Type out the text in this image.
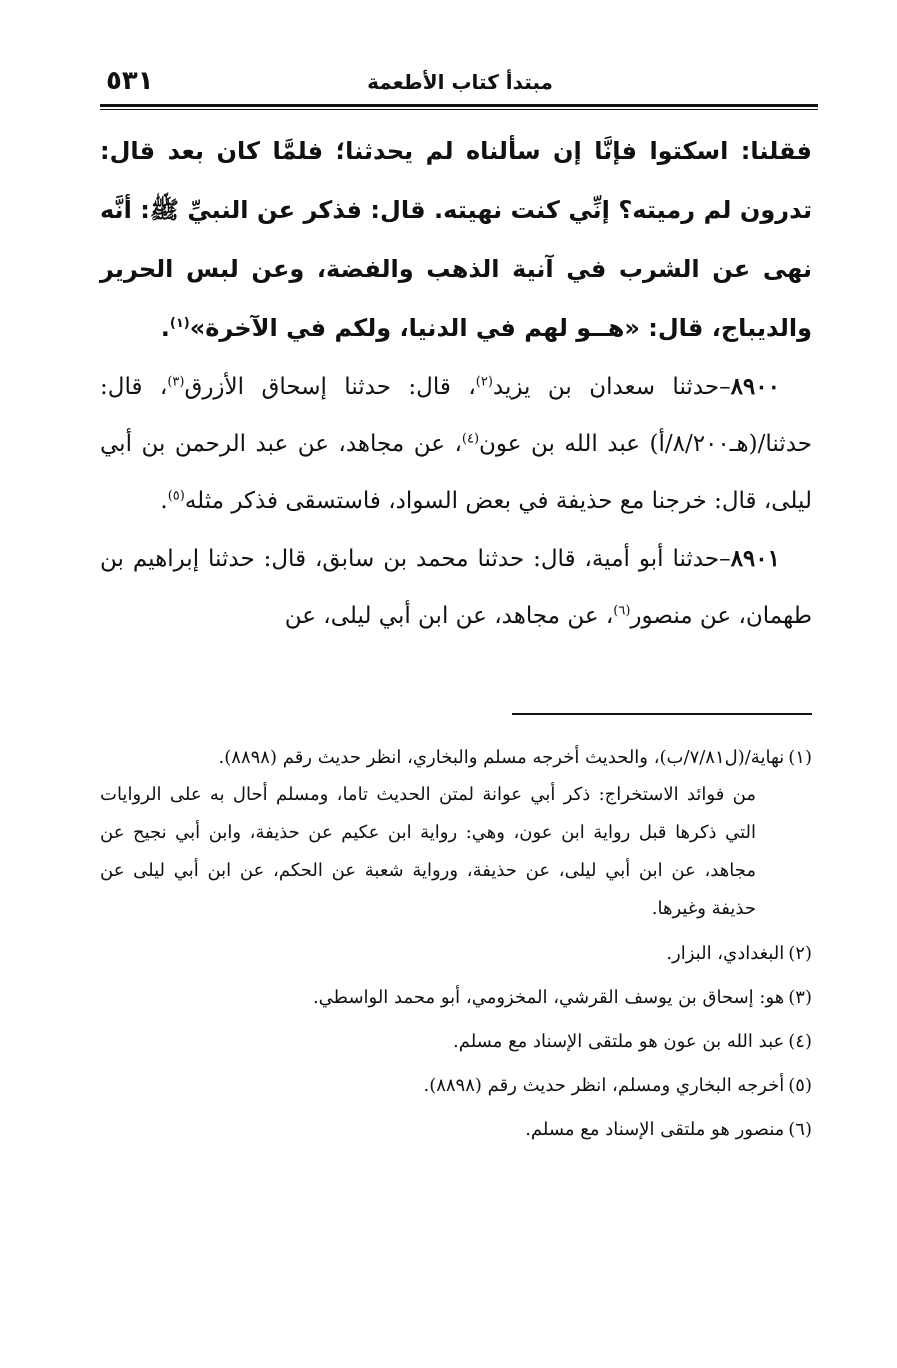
مبتدأ كتاب الأطعمة
٥٣١

فقلنا: اسكتوا فإنَّا إن سألناه لم يحدثنا؛ فلمَّا كان بعد قال: تدرون لم رميته؟ إنِّي كنت نهيته. قال: فذكر عن النبيِّ ﷺ: أنَّه نهى عن الشرب في آنية الذهب والفضة، وعن لبس الحرير والديباج، قال: «هــو لهم في الدنيا، ولكم في الآخرة»$^{(١)}$.

٨٩٠٠–حدثنا سعدان بن يزيد$^{(٢)}$، قال: حدثنا إسحاق الأزرق$^{(٣)}$، قال: حدثنا/(هـ٨/٢٠٠/أ) عبد الله بن عون$^{(٤)}$، عن مجاهد، عن عبد الرحمن بن أبي ليلى، قال: خرجنا مع حذيفة في بعض السواد، فاستسقى فذكر مثله$^{(٥)}$.

٨٩٠١–حدثنا أبو أمية، قال: حدثنا محمد بن سابق، قال: حدثنا إبراهيم بن طهمان، عن منصور$^{(٦)}$، عن مجاهد، عن ابن أبي ليلى، عن

(١)نهاية/(ل٧/٨١/ب)، والحديث أخرجه مسلم والبخاري، انظر حديث رقم (٨٨٩٨).

من فوائد الاستخراج: ذكر أبي عوانة لمتن الحديث تاما، ومسلم أحال به على الروايات التي ذكرها قبل رواية ابن عون، وهي: رواية ابن عكيم عن حذيفة، وابن أبي نجيح عن مجاهد، عن ابن أبي ليلى، عن حذيفة، ورواية شعبة عن الحكم، عن ابن أبي ليلى عن حذيفة وغيرها.

(٢)البغدادي، البزار.

(٣)هو: إسحاق بن يوسف القرشي، المخزومي، أبو محمد الواسطي.

(٤)عبد الله بن عون هو ملتقى الإسناد مع مسلم.

(٥)أخرجه البخاري ومسلم، انظر حديث رقم (٨٨٩٨).

(٦)منصور هو ملتقى الإسناد مع مسلم.
